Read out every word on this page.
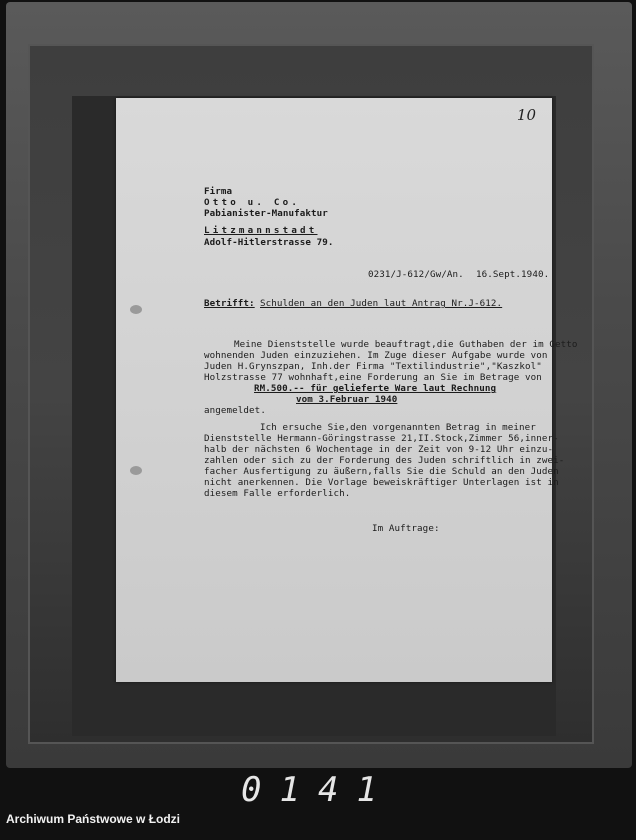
10
Firma
Otto u. Co.
Pabianister-Manufaktur
Litzmannstadt
Adolf-Hitlerstrasse 79.
0231/J-612/Gw/An. 16.Sept.1940.
Betrifft: Schulden an den Juden laut Antrag Nr.J-612.
Meine Dienststelle wurde beauftragt,die Guthaben der im Getto
wohnenden Juden einzuziehen. Im Zuge dieser Aufgabe wurde von
Juden H.Grynszpan, Inh.der Firma "Textilindustrie","Kaszkol"
Holzstrasse 77 wohnhaft,eine Forderung an Sie im Betrage von
RM.500.-- für gelieferte Ware laut Rechnung
vom 3.Februar 1940
angemeldet.
Ich ersuche Sie,den vorgenannten Betrag in meiner
Dienststelle Hermann-Göringstrasse 21,II.Stock,Zimmer 56,inner-
halb der nächsten 6 Wochentage in der Zeit von 9-12 Uhr einzu-
zahlen oder sich zu der Forderung des Juden schriftlich in zwei-
facher Ausfertigung zu äußern,falls Sie die Schuld an den Juden
nicht anerkennen. Die Vorlage beweiskräftiger Unterlagen ist in
diesem Falle erforderlich.
Im Auftrage:
0141
Archiwum Państwowe w Łodzi
